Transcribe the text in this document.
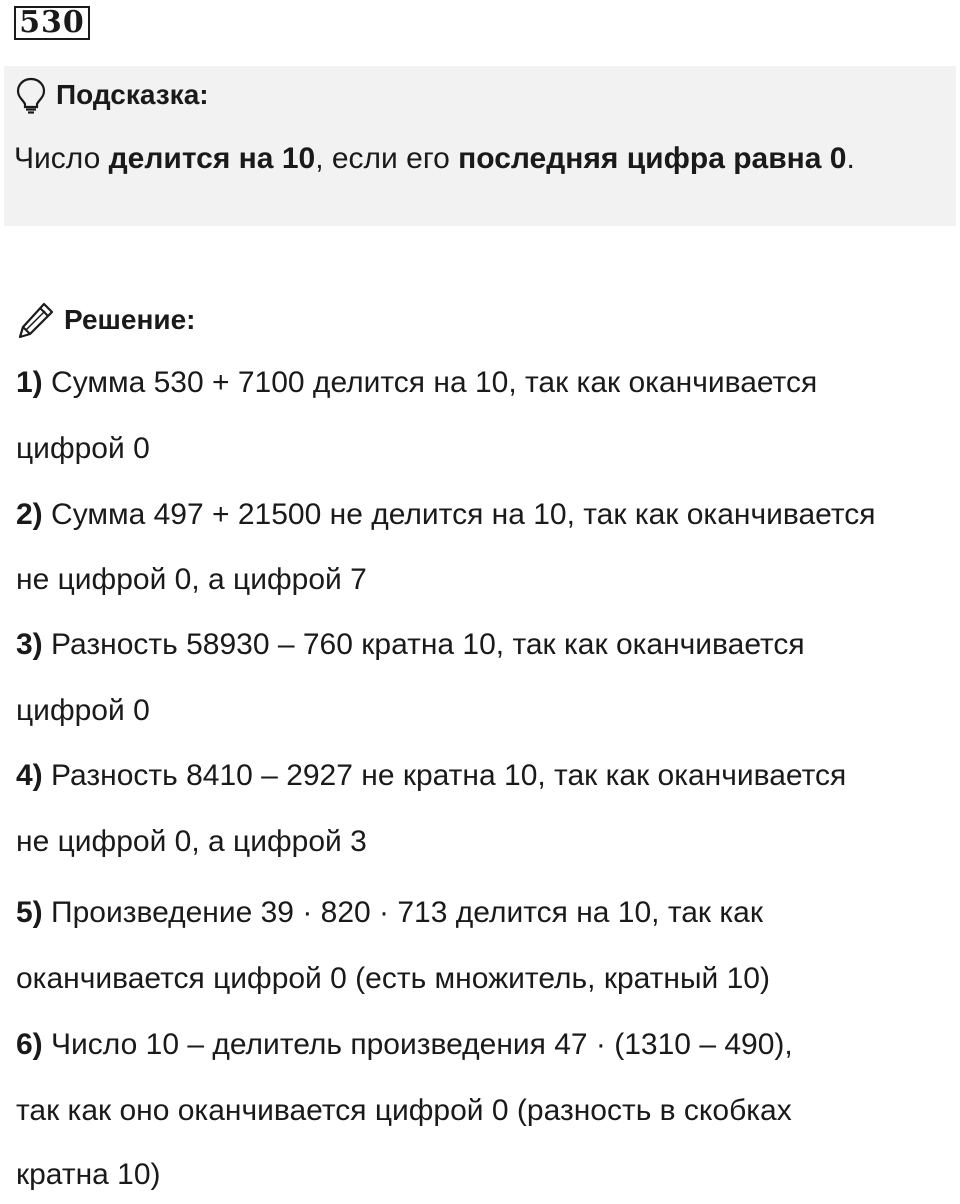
530
Подсказка:
Число делится на 10, если его последняя цифра равна 0.
Решение:
1) Сумма 530 + 7100 делится на 10, так как оканчивается
цифрой 0
2) Сумма 497 + 21500 не делится на 10, так как оканчивается
не цифрой 0, а цифрой 7
3) Разность 58930 – 760 кратна 10, так как оканчивается
цифрой 0
4) Разность 8410 – 2927 не кратна 10, так как оканчивается
не цифрой 0, а цифрой 3
5) Произведение 39 · 820 · 713 делится на 10, так как
оканчивается цифрой 0 (есть множитель, кратный 10)
6) Число 10 – делитель произведения 47 · (1310 – 490),
так как оно оканчивается цифрой 0 (разность в скобках
кратна 10)
